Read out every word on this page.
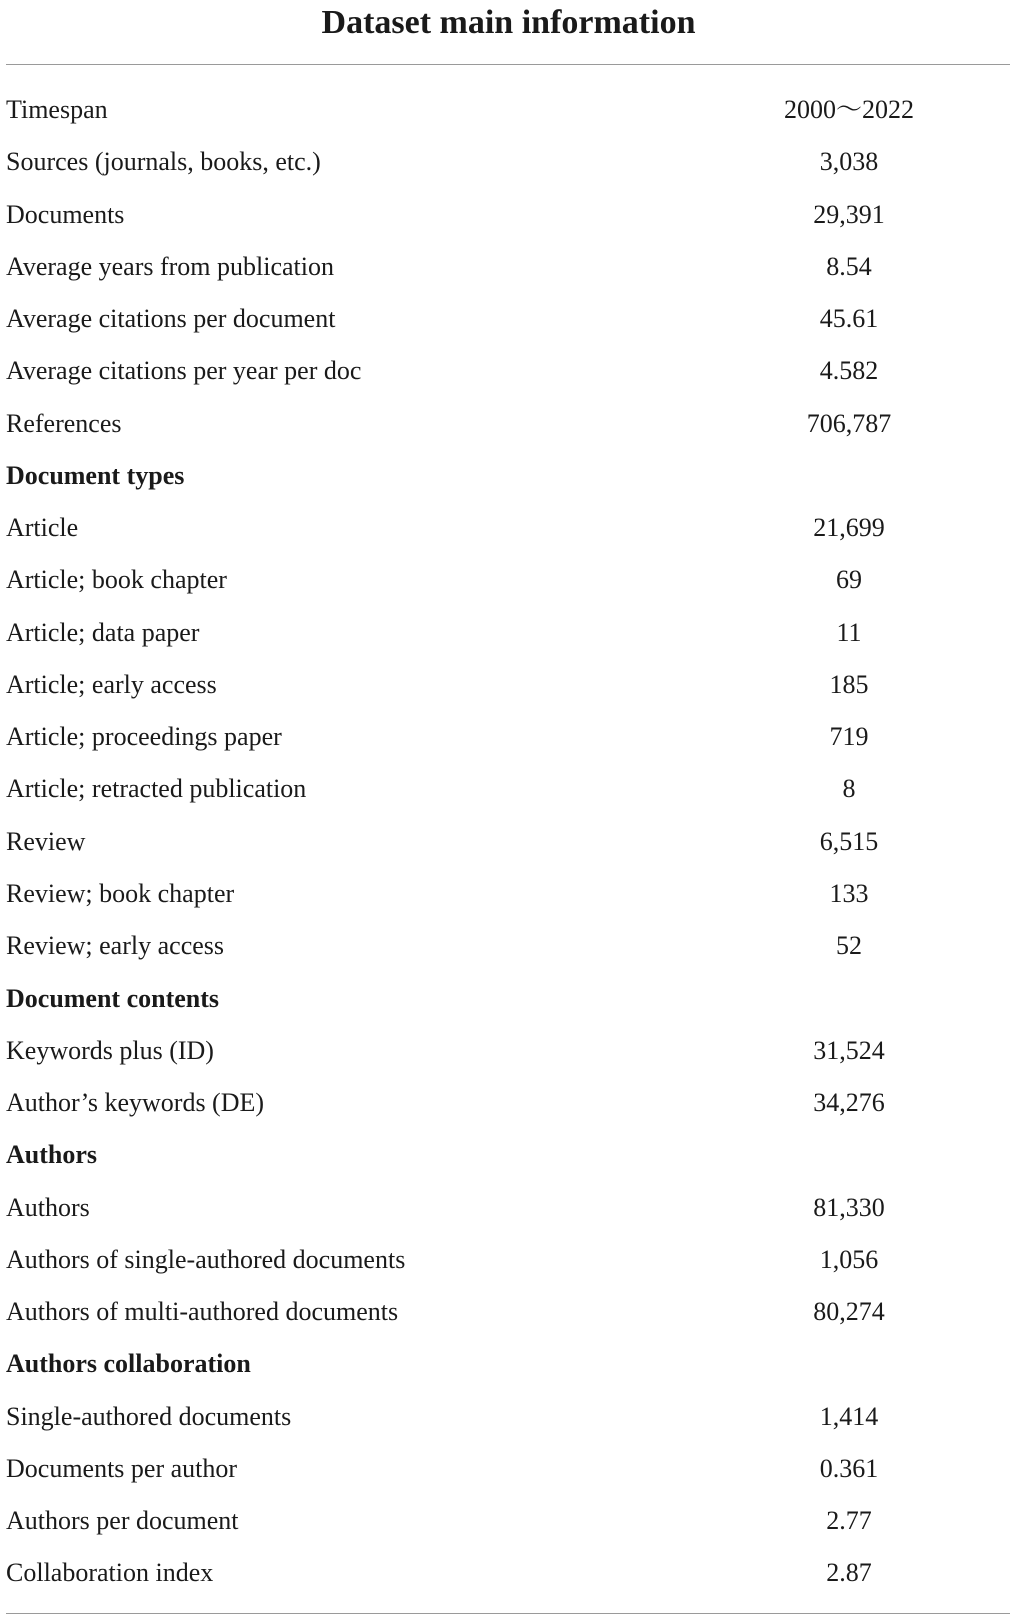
Dataset main information
Timespan	2000～2022
Sources (journals, books, etc.)	3,038
Documents	29,391
Average years from publication	8.54
Average citations per document	45.61
Average citations per year per doc	4.582
References	706,787
Document types
Article	21,699
Article; book chapter	69
Article; data paper	11
Article; early access	185
Article; proceedings paper	719
Article; retracted publication	8
Review	6,515
Review; book chapter	133
Review; early access	52
Document contents
Keywords plus (ID)	31,524
Author’s keywords (DE)	34,276
Authors
Authors	81,330
Authors of single-authored documents	1,056
Authors of multi-authored documents	80,274
Authors collaboration
Single-authored documents	1,414
Documents per author	0.361
Authors per document	2.77
Collaboration index	2.87
